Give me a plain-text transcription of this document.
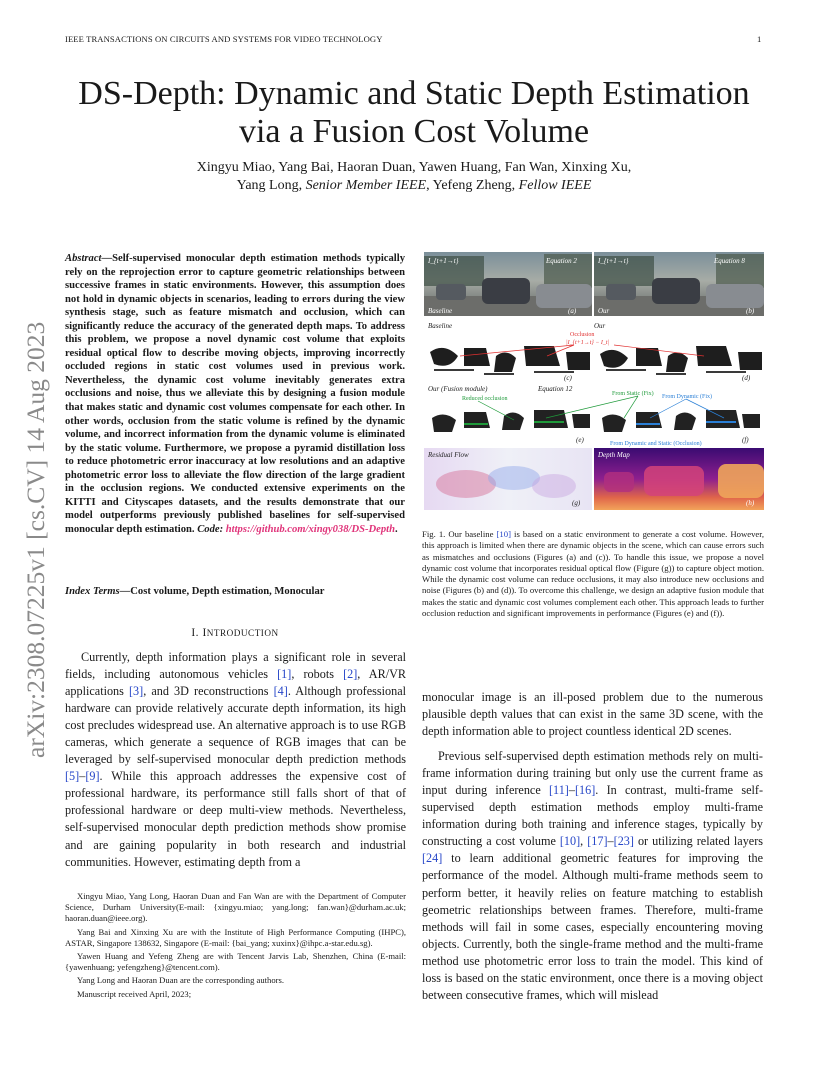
IEEE TRANSACTIONS ON CIRCUITS AND SYSTEMS FOR VIDEO TECHNOLOGY	1
DS-Depth: Dynamic and Static Depth Estimation
via a Fusion Cost Volume
Xingyu Miao, Yang Bai, Haoran Duan, Yawen Huang, Fan Wan, Xinxing Xu,
Yang Long, Senior Member IEEE, Yefeng Zheng, Fellow IEEE
arXiv:2308.07225v1 [cs.CV] 14 Aug 2023
Abstract—Self-supervised monocular depth estimation methods typically rely on the reprojection error to capture geometric relationships between successive frames in static environments. However, this assumption does not hold in dynamic objects in scenarios, leading to errors during the view synthesis stage, such as feature mismatch and occlusion, which can significantly reduce the accuracy of the generated depth maps. To address this problem, we propose a novel dynamic cost volume that exploits residual optical flow to describe moving objects, improving incorrectly occluded regions in static cost volumes used in previous work. Nevertheless, the dynamic cost volume inevitably generates extra occlusions and noise, thus we alleviate this by designing a fusion module that makes static and dynamic cost volumes compensate for each other. In other words, occlusion from the static volume is refined by the dynamic volume, and incorrect information from the dynamic volume is eliminated by the static volume. Furthermore, we propose a pyramid distillation loss to reduce photometric error inaccuracy at low resolutions and an adaptive photometric error loss to alleviate the flow direction of the large gradient in the occlusion regions. We conducted extensive experiments on the KITTI and Cityscapes datasets, and the results demonstrate that our model outperforms previously published baselines for self-supervised monocular depth estimation. Code: https://github.com/xingy038/DS-Depth.
Index Terms—Cost volume, Depth estimation, Monocular
I. INTRODUCTION

Currently, depth information plays a significant role in several fields, including autonomous vehicles [1], robots [2], AR/VR applications [3], and 3D reconstructions [4]. Although professional hardware can provide relatively accurate depth information, its high cost precludes widespread use. An alternative approach is to use RGB cameras, which generate a sequence of RGB images that can be leveraged by self-supervised monocular depth prediction methods [5]–[9]. While this approach addresses the expensive cost of professional hardware, its performance still falls short of that of professional hardware or deep multi-view methods. Nevertheless, self-supervised monocular depth prediction methods show promise and are gaining popularity in both research and industrial communities. However, estimating depth from a

monocular image is an ill-posed problem due to the numerous plausible depth values that can exist in the same 3D scene, with the depth information able to project countless identical 2D scenes.

Previous self-supervised depth estimation methods rely on multi-frame information during training but only use the current frame as input during inference [11]–[16]. In contrast, multi-frame self-supervised depth estimation methods employ multi-frame information during both training and inference stages, typically by constructing a cost volume [10], [17]–[23] or utilizing related layers [24] to learn additional geometric features for improving the performance of the model. Although multi-frame methods seem to perform better, it heavily relies on feature matching to establish geometric relationships between frames. Therefore, multi-frame methods will fail in some cases, especially encountering moving objects. Currently, both the single-frame method and the multi-frame method use photometric error loss to train the model. This kind of loss is based on the static environment, once there is a moving object between consecutive frames, which will mislead

Xingyu Miao, Yang Long, Haoran Duan and Fan Wan are with the Department of Computer Science, Durham University(E-mail: {xingyu.miao; yang.long; fan.wan}@durham.ac.uk; haoran.duan@ieee.org).

Yang Bai and Xinxing Xu are with the Institute of High Performance Computing (IHPC), ASTAR, Singapore 138632, Singapore (E-mail: {bai_yang; xuxinx}@ihpc.a-star.edu.sg).

Yawen Huang and Yefeng Zheng are with Tencent Jarvis Lab, Shenzhen, China (E-mail: {yawenhuang; yefengzheng}@tencent.com).

Yang Long and Haoran Duan are the corresponding authors.

Manuscript received April, 2023;

I_{t+1→t}	Equation 2	I_{t+1→t}	Equation 8
Baseline	(a)	Our	(b)
Baseline	Our
Occlusion
|I_{t+1→t} − I_t|
(c)	(d)
Our (Fusion module)	Equation 12
Reduced occlusion
From Static (Fix) From Dynamic (Fix)
(e)	(f)
From Dynamic and Static (Occlusion)
Residual Flow	Depth Map
(g)	(h)
Fig. 1. Our baseline [10] is based on a static environment to generate a cost volume. However, this approach is limited when there are dynamic objects in the scene, which can cause errors such as mismatches and occlusions (Figures (a) and (c)). To handle this issue, we propose a novel dynamic cost volume that incorporates residual optical flow (Figure (g)) to capture object motion. While the dynamic cost volume can reduce occlusions, it may also introduce new occlusions and noise (Figures (b) and (d)). To overcome this challenge, we design an adaptive fusion module that makes the static and dynamic cost volumes complement each other. This approach leads to further occlusion reduction and significant improvements in performance (Figures (e) and (f)).
